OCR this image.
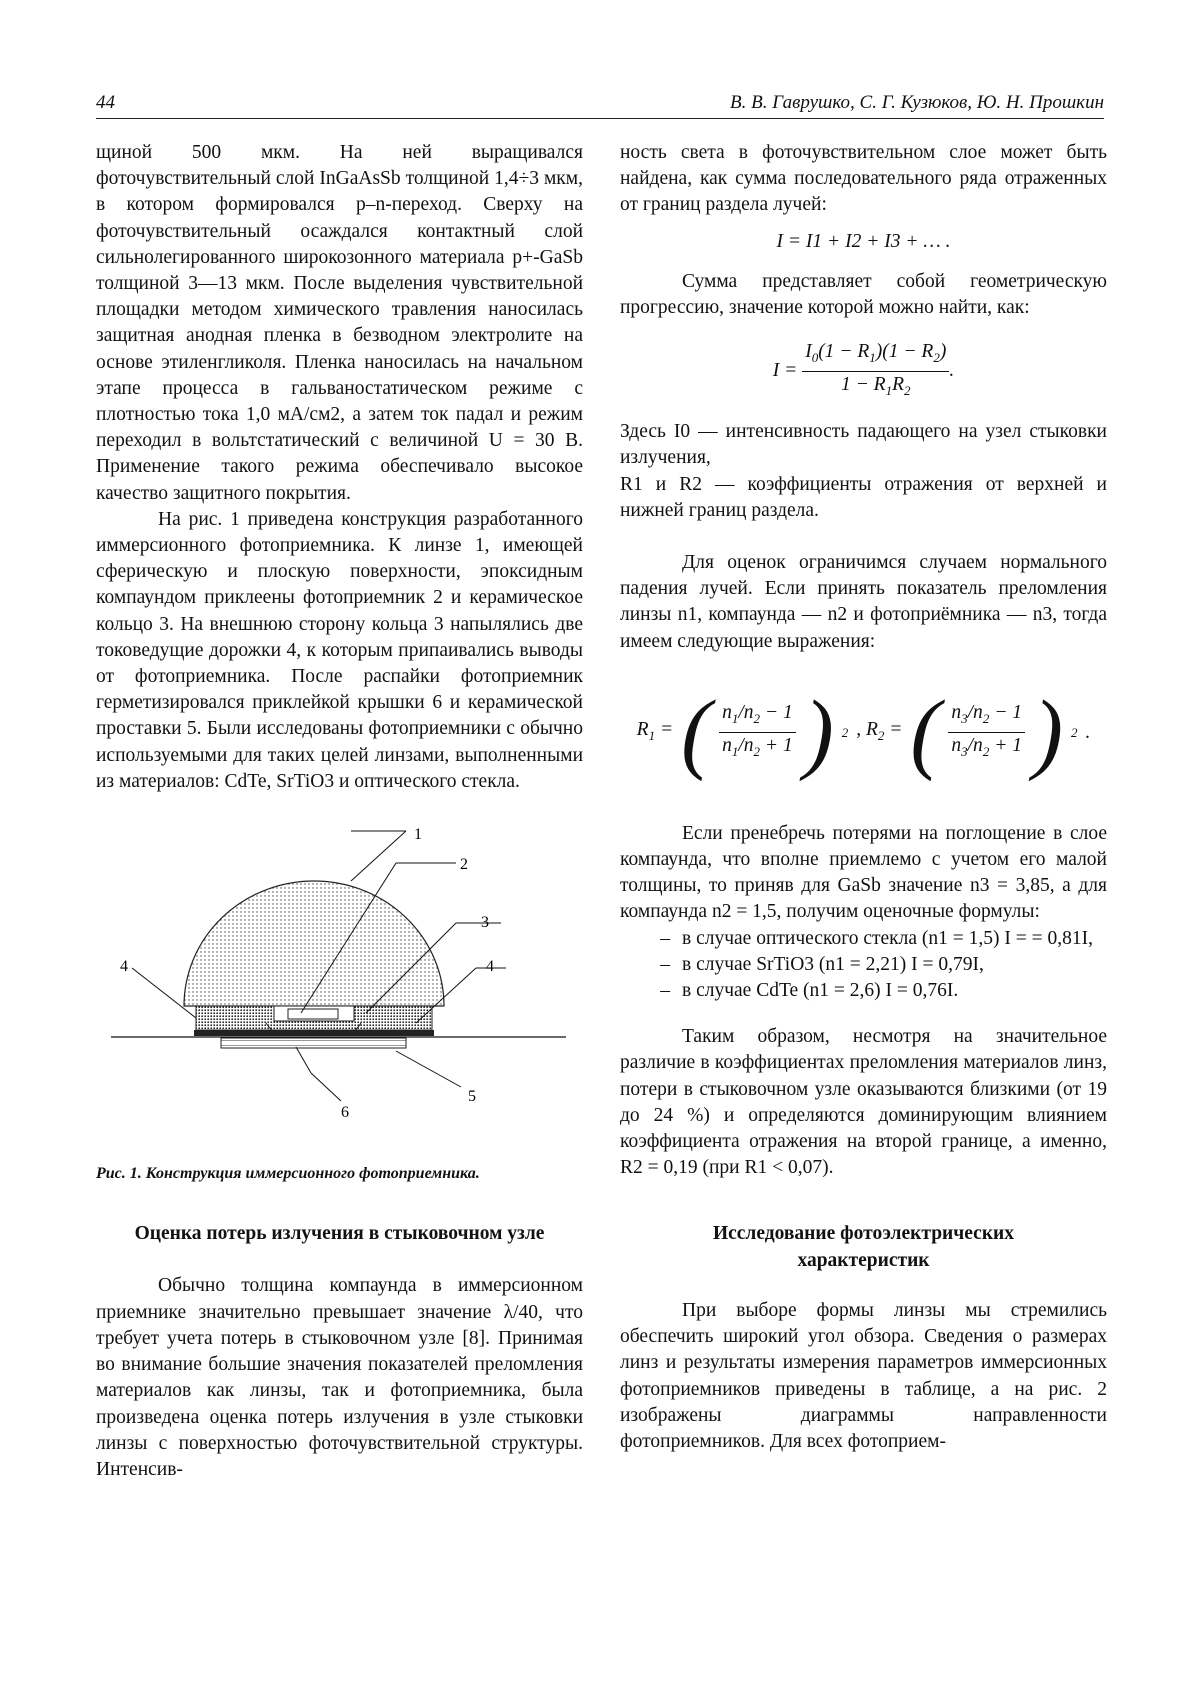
44	В. В. Гаврушко, С. Г. Кузюков, Ю. Н. Прошкин

щиной 500 мкм. На ней выращивался фоточувствительный слой InGaAsSb толщиной 1,4÷3 мкм, в котором формировался p–n-переход. Сверху на фоточувствительный осаждался контактный слой сильнолегированного широкозонного материала p+-GaSb толщиной 3—13 мкм. После выделения чувствительной площадки методом химического травления наносилась защитная анодная пленка в безводном электролите на основе этиленгликоля. Пленка наносилась на начальном этапе процесса в гальваностатическом режиме с плотностью тока 1,0 мА/см2, а затем ток падал и режим переходил в вольтстатический с величиной U = 30 В. Применение такого режима обеспечивало высокое качество защитного покрытия.

На рис. 1 приведена конструкция разработанного иммерсионного фотоприемника. К линзе 1, имеющей сферическую и плоскую поверхности, эпоксидным компаундом приклеены фотоприемник 2 и керамическое кольцо 3. На внешнюю сторону кольца 3 напылялись две токоведущие дорожки 4, к которым припаивались выводы от фотоприемника. После распайки фотоприемник герметизировался приклейкой крышки 6 и керамической проставки 5. Были исследованы фотоприемники с обычно используемыми для таких целей линзами, выполненными из материалов: CdTe, SrTiO3 и оптического стекла.

1
2
3
4	4
5
6
Рис. 1. Конструкция иммерсионного фотоприемника.
Оценка потерь излучения в стыковочном узле

Обычно толщина компаунда в иммерсионном приемнике значительно превышает значение λ/40, что требует учета потерь в стыковочном узле [8]. Принимая во внимание большие значения показателей преломления материалов как линзы, так и фотоприемника, была произведена оценка потерь излучения в узле стыковки линзы с поверхностью фоточувствительной структуры. Интенсив-

ность света в фоточувствительном слое может быть найдена, как сумма последовательного ряда отраженных от границ раздела лучей:

I = I1 + I2 + I3 + … .

Сумма представляет собой геометрическую прогрессию, значение которой можно найти, как:

$I = \frac{I_0(1 - R_1)(1 - R_2)}{1 - R_1R_2}$ .

Здесь I0 — интенсивность падающего на узел стыковки излучения,

R1 и R2 — коэффициенты отражения от верхней и нижней границ раздела.

Для оценок ограничимся случаем нормального падения лучей. Если принять показатель преломления линзы n1, компаунда — n2 и фотоприёмника — n3, тогда имеем следующие выражения:

$R_1$ = ( $\frac{n_1/n_2 - 1}{n_1/n_2 + 1}$ ) 2 , $R_2$ = ( $\frac{n_3/n_2 - 1}{n_3/n_2 + 1}$ ) 2 .

Если пренебречь потерями на поглощение в слое компаунда, что вполне приемлемо с учетом его малой толщины, то приняв для GaSb значение n3 = 3,85, а для компаунда n2 = 1,5, получим оценочные формулы:

– в случае оптического стекла (n1 = 1,5) I = = 0,81I,
– в случае SrTiO3 (n1 = 2,21) I = 0,79I,
– в случае CdTe (n1 = 2,6) I = 0,76I.

Таким образом, несмотря на значительное различие в коэффициентах преломления материалов линз, потери в стыковочном узле оказываются близкими (от 19 до 24 %) и определяются доминирующим влиянием коэффициента отражения на второй границе, а именно, R2 = 0,19 (при R1 < 0,07).

Исследование фотоэлектрических характеристик

При выборе формы линзы мы стремились обеспечить широкий угол обзора. Сведения о размерах линз и результаты измерения параметров иммерсионных фотоприемников приведены в таблице, а на рис. 2 изображены диаграммы направленности фотоприемников. Для всех фотоприем-
